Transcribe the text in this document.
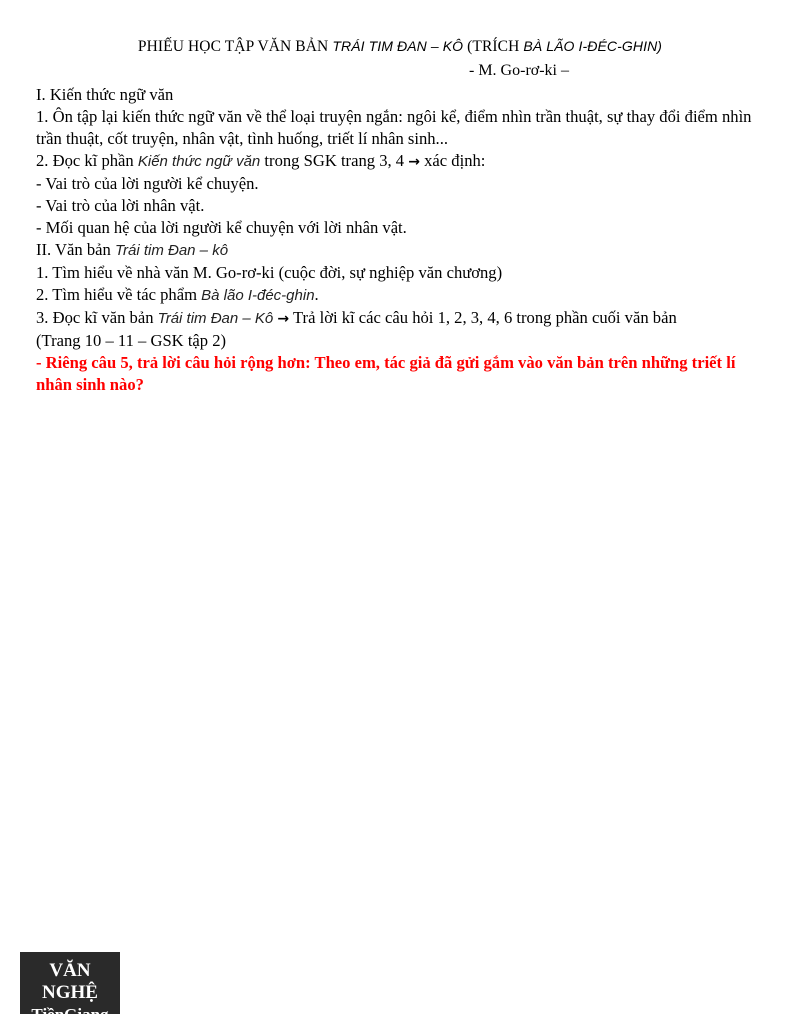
PHIẾU HỌC TẬP VĂN BẢN TRÁI TIM ĐAN – KÔ (TRÍCH BÀ LÃO I-ĐÉC-GHIN)
- M. Go-rơ-ki –
I. Kiến thức ngữ văn
1. Ôn tập lại kiến thức ngữ văn về thể loại truyện ngắn: ngôi kể, điểm nhìn trần thuật, sự thay đổi điểm nhìn trần thuật, cốt truyện, nhân vật, tình huống, triết lí nhân sinh...
2. Đọc kĩ phần Kiến thức ngữ văn trong SGK trang 3, 4 → xác định:
- Vai trò của lời người kể chuyện.
- Vai trò của lời nhân vật.
- Mối quan hệ của lời người kể chuyện với lời nhân vật.
II. Văn bản Trái tim Đan – kô
1. Tìm hiểu về nhà văn M. Go-rơ-ki (cuộc đời, sự nghiệp văn chương)
2. Tìm hiểu về tác phẩm Bà lão I-đéc-ghin.
3. Đọc kĩ văn bản Trái tim Đan – Kô → Trả lời kĩ các câu hỏi 1, 2, 3, 4, 6 trong phần cuối văn bản
(Trang 10 – 11 – GSK tập 2)
- Riêng câu 5, trả lời câu hỏi rộng hơn: Theo em, tác giả đã gửi gắm vào văn bản trên những triết lí nhân sinh nào?
VĂN NGHỆ
TiềnGiang
